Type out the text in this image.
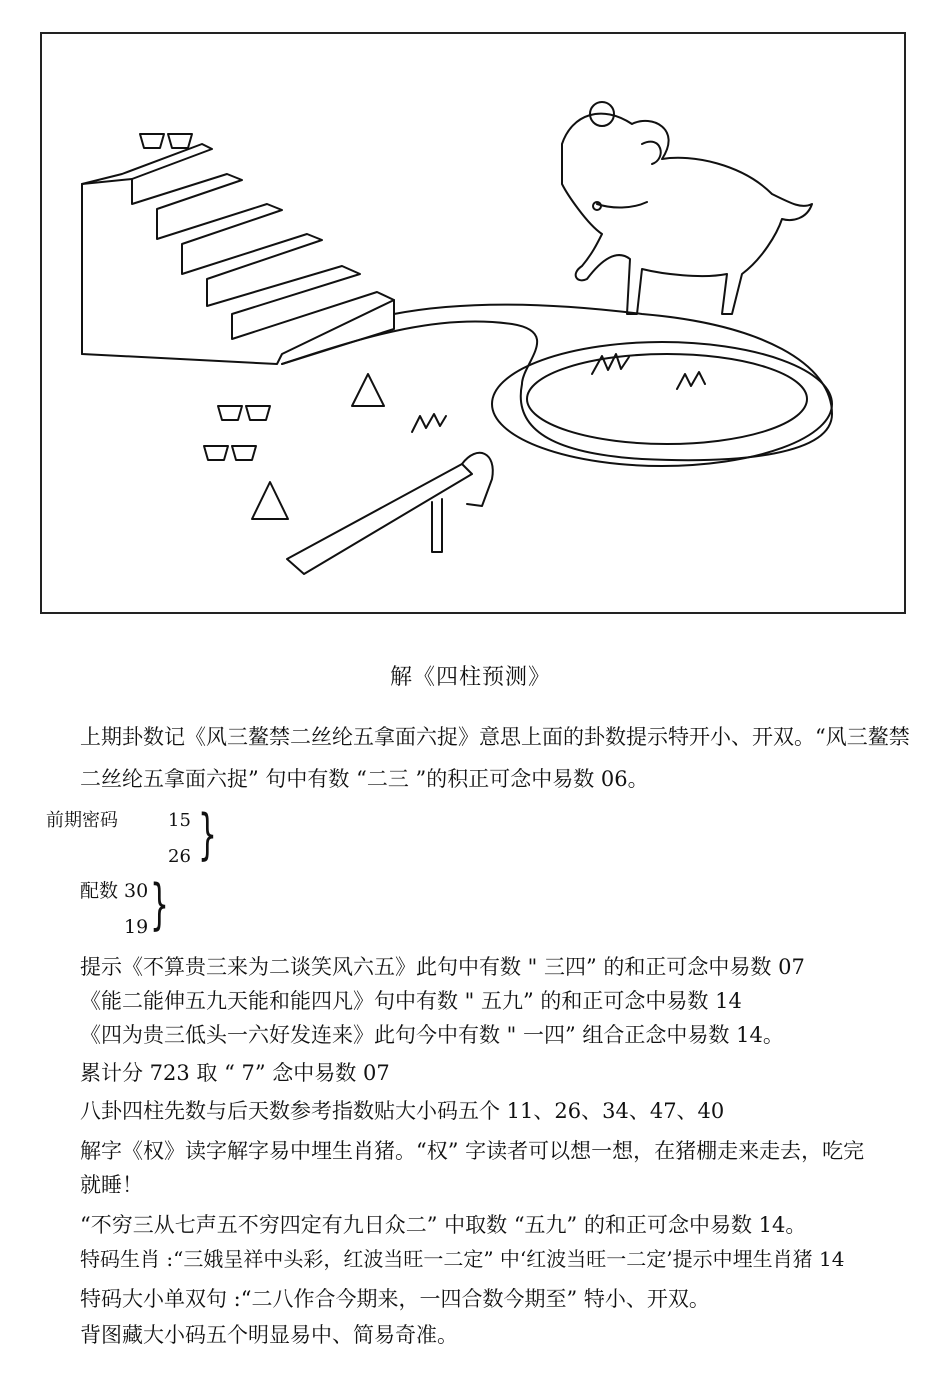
解《四柱预测》
上期卦数记《风三鳌禁二丝纶五拿面六捉》意思上面的卦数提示特开小、开双。“风三鳌禁
二丝纶五拿面六捉” 句中有数 “二三 ”的积正可念中易数 06。
前期密码	15
26 }
配数 30
19 }
提示《不算贵三来为二谈笑风六五》此句中有数 " 三四” 的和正可念中易数 07
《能二能伸五九天能和能四凡》句中有数 " 五九” 的和正可念中易数 14
《四为贵三低头一六好发连来》此句今中有数 " 一四” 组合正念中易数 14。
累计分 723 取 “ 7” 念中易数 07
八卦四柱先数与后天数参考指数贴大小码五个 11、26、34、47、40
解字《权》读字解字易中埋生肖猪。“权” 字读者可以想一想，在猪棚走来走去，吃完
就睡！
“不穷三从七声五不穷四定有九日众二” 中取数 “五九” 的和正可念中易数 14。
特码生肖 :“三娥呈祥中头彩，红波当旺一二定” 中‘红波当旺一二定’提示中埋生肖猪 14
特码大小单双句 :“二八作合今期来，一四合数今期至” 特小、开双。
背图藏大小码五个明显易中、简易奇准。
